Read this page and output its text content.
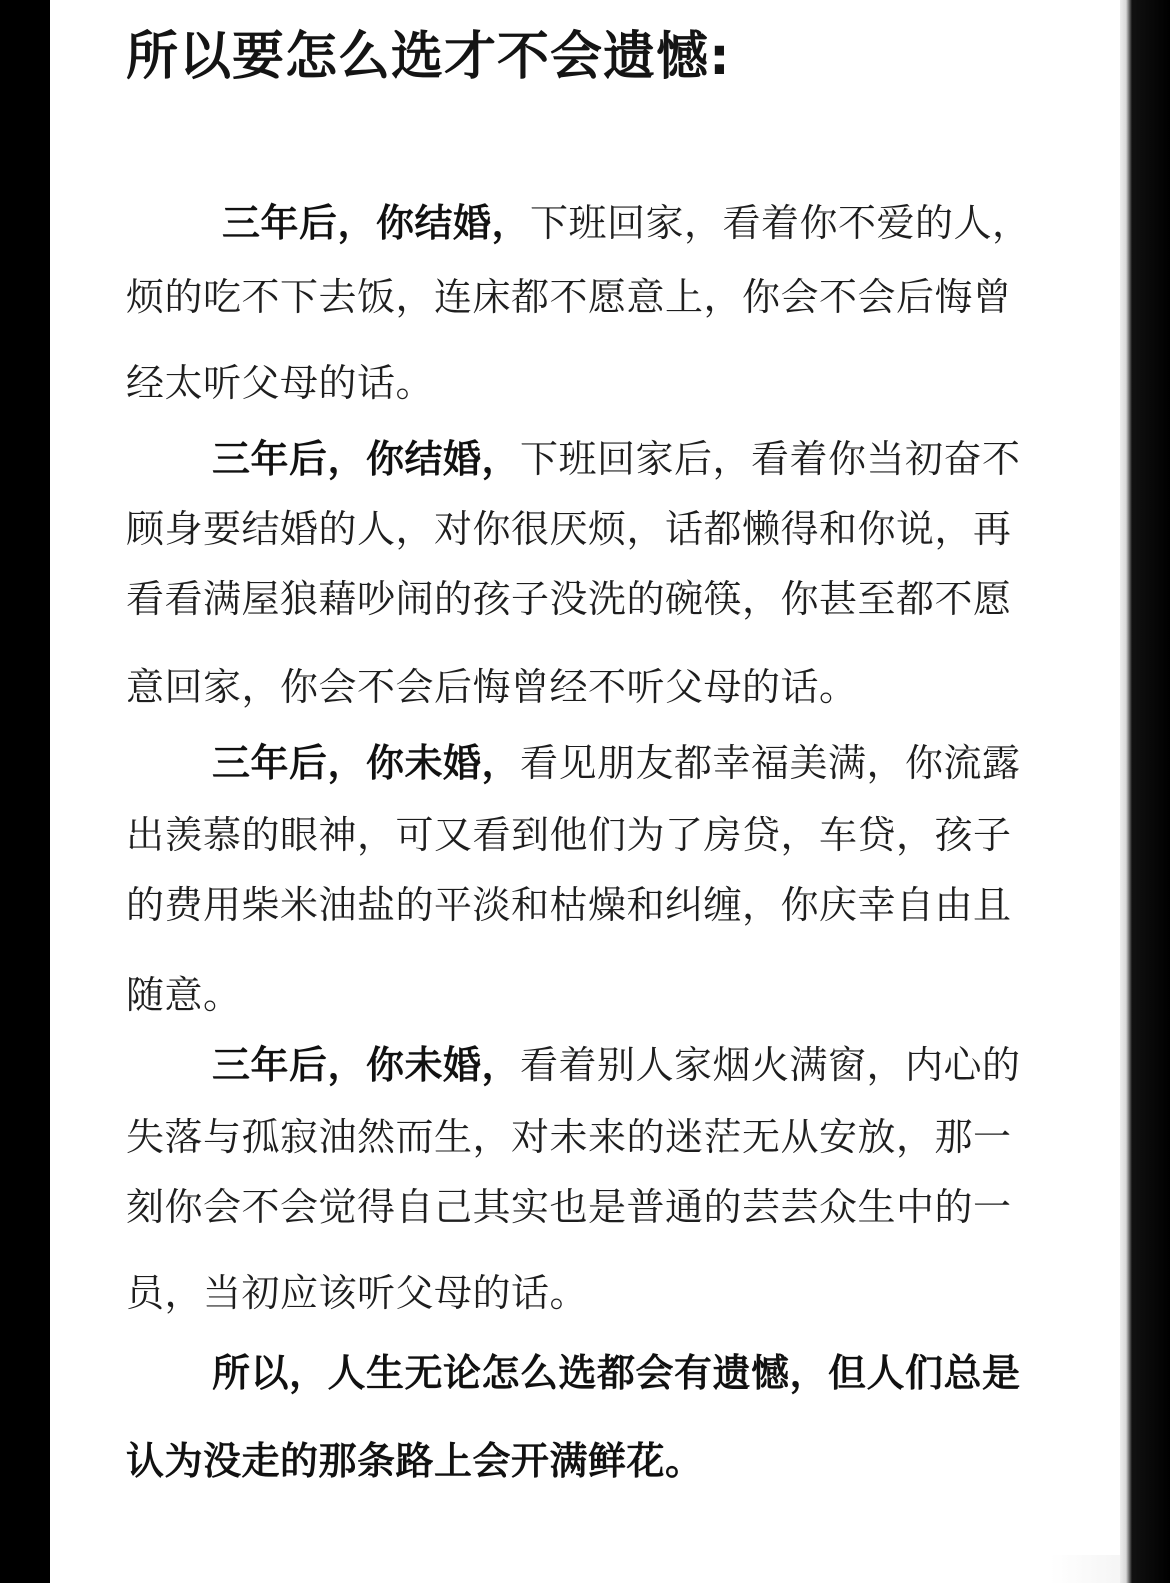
所以要怎么选才不会遗憾:
三年后，你结婚，下班回家，看着你不爱的人，
烦的吃不下去饭，连床都不愿意上，你会不会后悔曾
经太听父母的话。
三年后，你结婚，下班回家后，看着你当初奋不
顾身要结婚的人，对你很厌烦，话都懒得和你说，再
看看满屋狼藉吵闹的孩子没洗的碗筷，你甚至都不愿
意回家，你会不会后悔曾经不听父母的话。
三年后，你未婚，看见朋友都幸福美满，你流露
出羡慕的眼神，可又看到他们为了房贷，车贷，孩子
的费用柴米油盐的平淡和枯燥和纠缠，你庆幸自由且
随意。
三年后，你未婚，看着别人家烟火满窗，内心的
失落与孤寂油然而生，对未来的迷茫无从安放，那一
刻你会不会觉得自己其实也是普通的芸芸众生中的一
员，当初应该听父母的话。
所以，人生无论怎么选都会有遗憾，但人们总是
认为没走的那条路上会开满鲜花。
